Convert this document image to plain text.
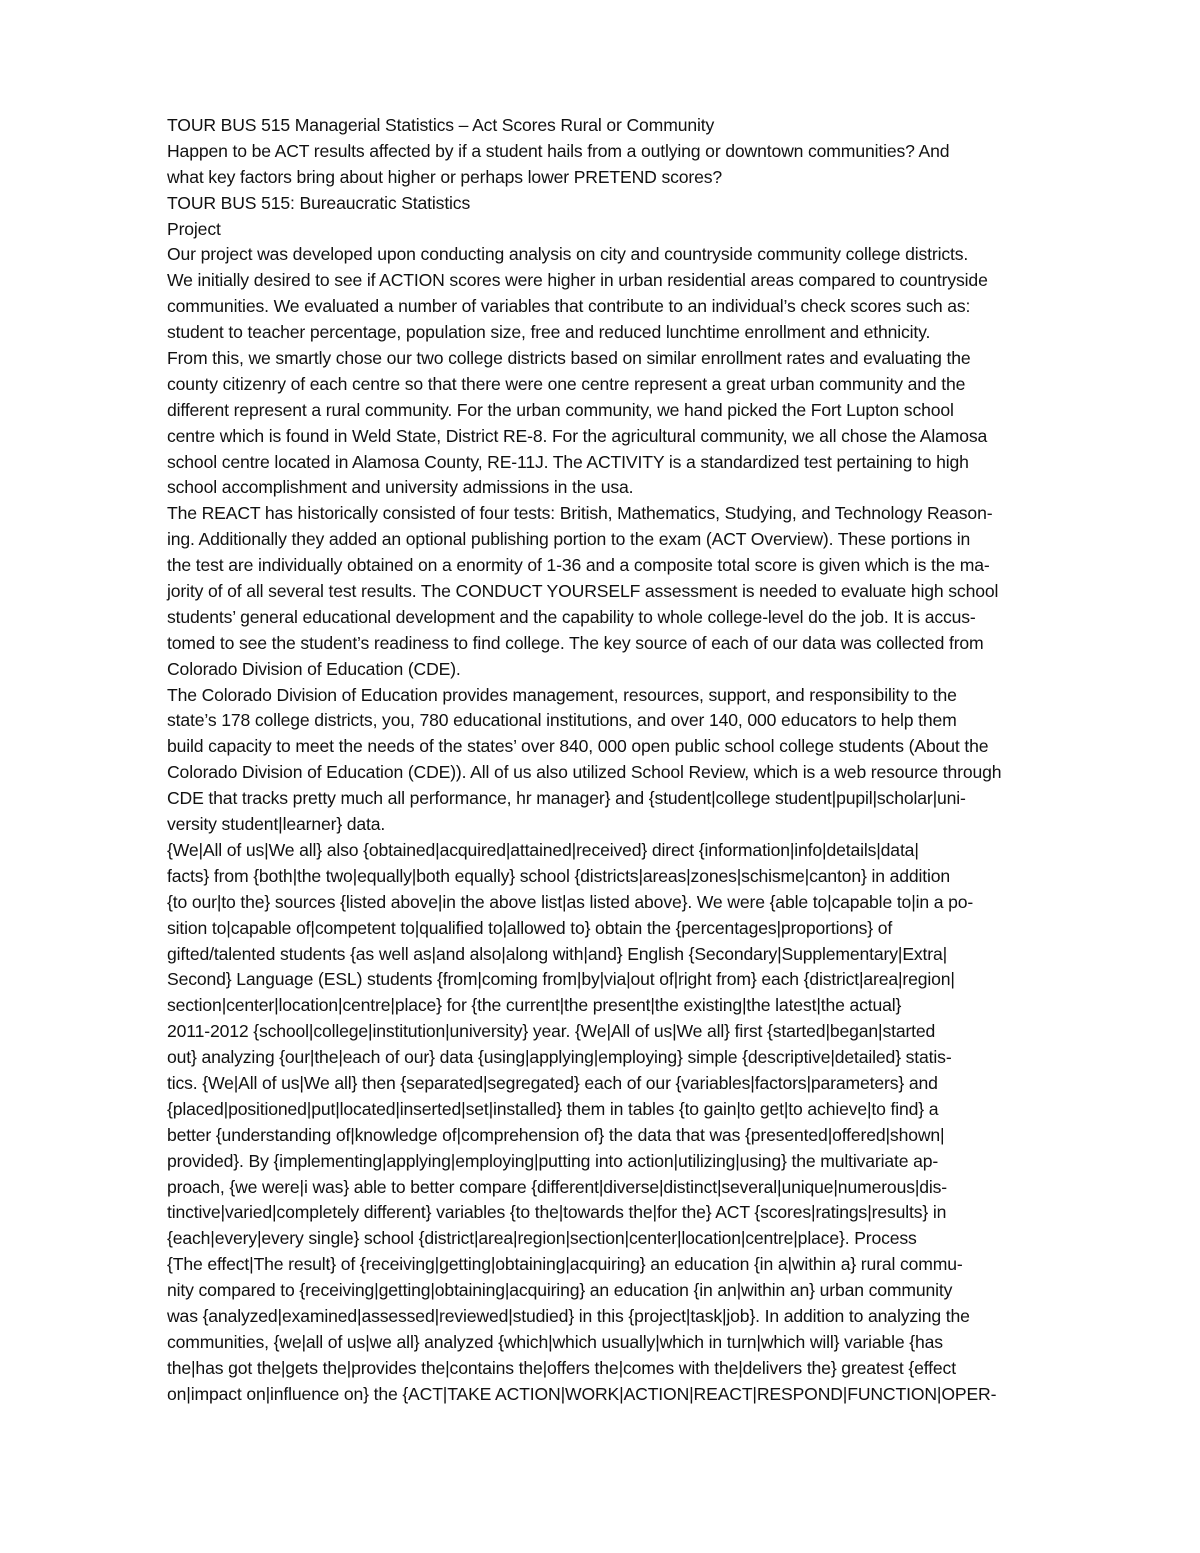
TOUR BUS 515 Managerial Statistics – Act Scores Rural or Community
Happen to be ACT results affected by if a student hails from a outlying or downtown communities? And
what key factors bring about higher or perhaps lower PRETEND scores?
TOUR BUS 515: Bureaucratic Statistics
Project
Our project was developed upon conducting analysis on city and countryside community college districts.
We initially desired to see if ACTION scores were higher in urban residential areas compared to countryside
communities. We evaluated a number of variables that contribute to an individual’s check scores such as:
student to teacher percentage, population size, free and reduced lunchtime enrollment and ethnicity.
From this, we smartly chose our two college districts based on similar enrollment rates and evaluating the
county citizenry of each centre so that there were one centre represent a great urban community and the
different represent a rural community. For the urban community, we hand picked the Fort Lupton school
centre which is found in Weld State, District RE-8. For the agricultural community, we all chose the Alamosa
school centre located in Alamosa County, RE-11J. The ACTIVITY is a standardized test pertaining to high
school accomplishment and university admissions in the usa.
The REACT has historically consisted of four tests: British, Mathematics, Studying, and Technology Reason-
ing. Additionally they added an optional publishing portion to the exam (ACT Overview). These portions in
the test are individually obtained on a enormity of 1-36 and a composite total score is given which is the ma-
jority of of all several test results. The CONDUCT YOURSELF assessment is needed to evaluate high school
students’ general educational development and the capability to whole college-level do the job. It is accus-
tomed to see the student’s readiness to find college. The key source of each of our data was collected from
Colorado Division of Education (CDE).
The Colorado Division of Education provides management, resources, support, and responsibility to the
state’s 178 college districts, you, 780 educational institutions, and over 140, 000 educators to help them
build capacity to meet the needs of the states’ over 840, 000 open public school college students (About the
Colorado Division of Education (CDE)). All of us also utilized School Review, which is a web resource through
CDE that tracks pretty much all performance, hr manager} and {student|college student|pupil|scholar|uni-
versity student|learner} data.
{We|All of us|We all} also {obtained|acquired|attained|received} direct {information|info|details|data|
facts} from {both|the two|equally|both equally} school {districts|areas|zones|schisme|canton} in addition
{to our|to the} sources {listed above|in the above list|as listed above}. We were {able to|capable to|in a po-
sition to|capable of|competent to|qualified to|allowed to} obtain the {percentages|proportions} of
gifted/talented students {as well as|and also|along with|and} English {Secondary|Supplementary|Extra|
Second} Language (ESL) students {from|coming from|by|via|out of|right from} each {district|area|region|
section|center|location|centre|place} for {the current|the present|the existing|the latest|the actual}
2011-2012 {school|college|institution|university} year. {We|All of us|We all} first {started|began|started
out} analyzing {our|the|each of our} data {using|applying|employing} simple {descriptive|detailed} statis-
tics. {We|All of us|We all} then {separated|segregated} each of our {variables|factors|parameters} and
{placed|positioned|put|located|inserted|set|installed} them in tables {to gain|to get|to achieve|to find} a
better {understanding of|knowledge of|comprehension of} the data that was {presented|offered|shown|
provided}. By {implementing|applying|employing|putting into action|utilizing|using} the multivariate ap-
proach, {we were|i was} able to better compare {different|diverse|distinct|several|unique|numerous|dis-
tinctive|varied|completely different} variables {to the|towards the|for the} ACT {scores|ratings|results} in
{each|every|every single} school {district|area|region|section|center|location|centre|place}. Process
{The effect|The result} of {receiving|getting|obtaining|acquiring} an education {in a|within a} rural commu-
nity compared to {receiving|getting|obtaining|acquiring} an education {in an|within an} urban community
was {analyzed|examined|assessed|reviewed|studied} in this {project|task|job}. In addition to analyzing the
communities, {we|all of us|we all} analyzed {which|which usually|which in turn|which will} variable {has
the|has got the|gets the|provides the|contains the|offers the|comes with the|delivers the} greatest {effect
on|impact on|influence on} the {ACT|TAKE ACTION|WORK|ACTION|REACT|RESPOND|FUNCTION|OPER-
